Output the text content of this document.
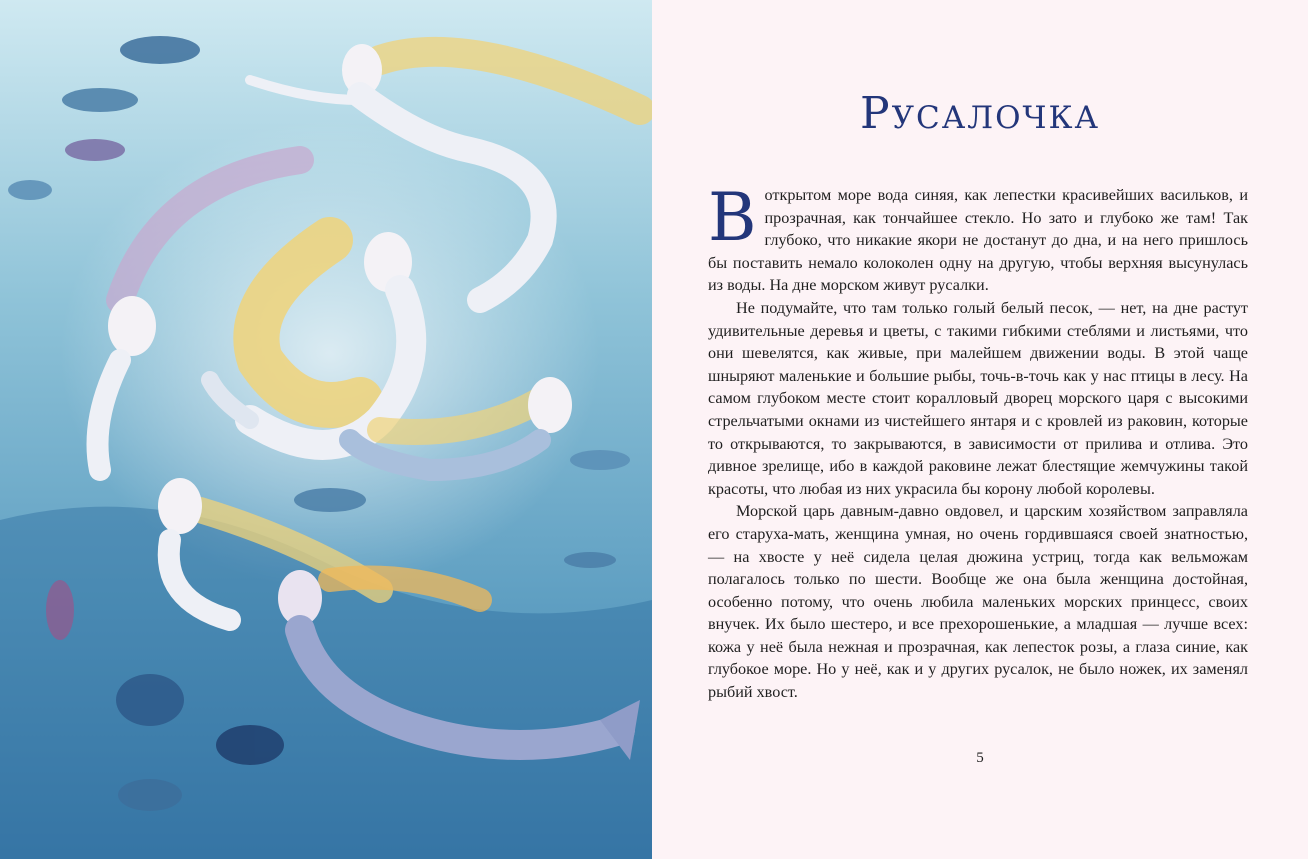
Русалочка

В открытом море вода синяя, как лепестки красивейших васильков, и прозрачная, как тончайшее стекло. Но зато и глубоко же там! Так глубоко, что никакие якори не достанут до дна, и на него пришлось бы поставить немало колоколен одну на другую, чтобы верхняя высунулась из воды. На дне морском живут русалки.

Не подумайте, что там только голый белый песок, — нет, на дне растут удивительные деревья и цветы, с такими гибкими стеблями и листьями, что они шевелятся, как живые, при малейшем движении воды. В этой чаще шныряют маленькие и большие рыбы, точь-в-точь как у нас птицы в лесу. На самом глубоком месте стоит коралловый дворец морского царя с высокими стрельчатыми окнами из чистейшего янтаря и с кровлей из раковин, которые то открываются, то закрываются, в зависимости от прилива и отлива. Это дивное зрелище, ибо в каждой раковине лежат блестящие жемчужины такой красоты, что любая из них украсила бы корону любой королевы.

Морской царь давным-давно овдовел, и царским хозяйством заправляла его старуха-мать, женщина умная, но очень гордившаяся своей знатностью, — на хвосте у неё сидела целая дюжина устриц, тогда как вельможам полагалось только по шести. Вообще же она была женщина достойная, особенно потому, что очень любила маленьких морских принцесс, своих внучек. Их было шестеро, и все прехорошенькие, а младшая — лучше всех: кожа у неё была нежная и прозрачная, как лепесток розы, а глаза синие, как глубокое море. Но у неё, как и у других русалок, не было ножек, их заменял рыбий хвост.

5
